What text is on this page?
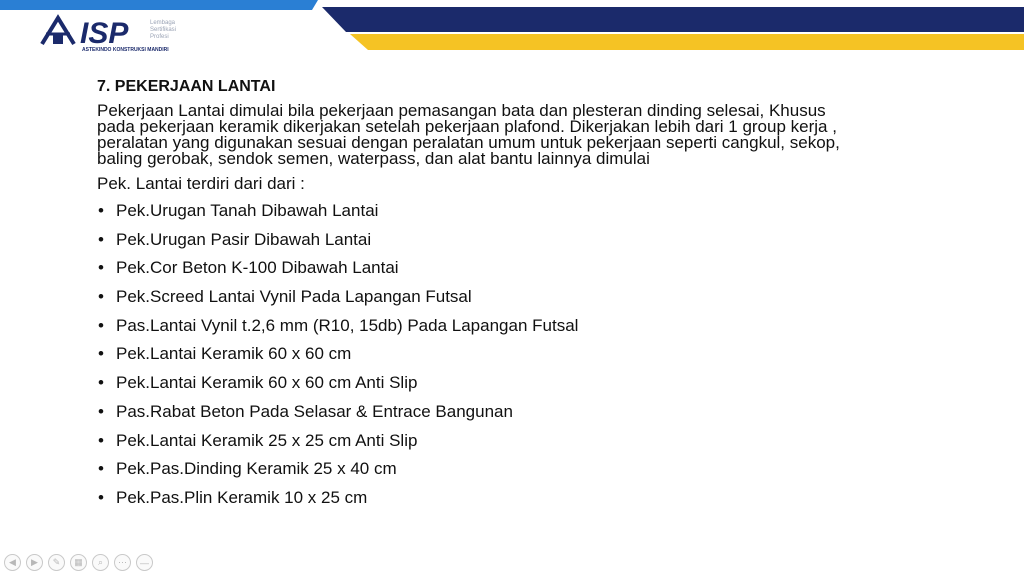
ISP	Lembaga
Sertifikasi
Profesi
ASTEKINDO KONSTRUKSI MANDIRI
7. PEKERJAAN LANTAI
Pekerjaan Lantai dimulai bila pekerjaan pemasangan bata dan plesteran dinding selesai, Khusus
pada pekerjaan keramik dikerjakan setelah pekerjaan plafond. Dikerjakan lebih dari 1 group kerja ,
peralatan yang digunakan sesuai dengan peralatan umum untuk pekerjaan seperti cangkul, sekop,
baling gerobak, sendok semen, waterpass, dan alat bantu lainnya dimulai
Pek. Lantai terdiri dari dari :
• Pek.Urugan Tanah Dibawah Lantai
• Pek.Urugan Pasir Dibawah Lantai
• Pek.Cor Beton K-100 Dibawah Lantai
• Pek.Screed Lantai Vynil Pada Lapangan Futsal
• Pas.Lantai Vynil t.2,6 mm (R10, 15db) Pada Lapangan Futsal
• Pek.Lantai Keramik 60 x 60 cm
• Pek.Lantai Keramik 60 x 60 cm Anti Slip
• Pas.Rabat Beton Pada Selasar & Entrace Bangunan
• Pek.Lantai Keramik 25 x 25 cm Anti Slip
• Pek.Pas.Dinding Keramik 25 x 40 cm
• Pek.Pas.Plin Keramik 10 x 25 cm
◀ ▶ ✎ ▦ ⌕ ⋯ —
